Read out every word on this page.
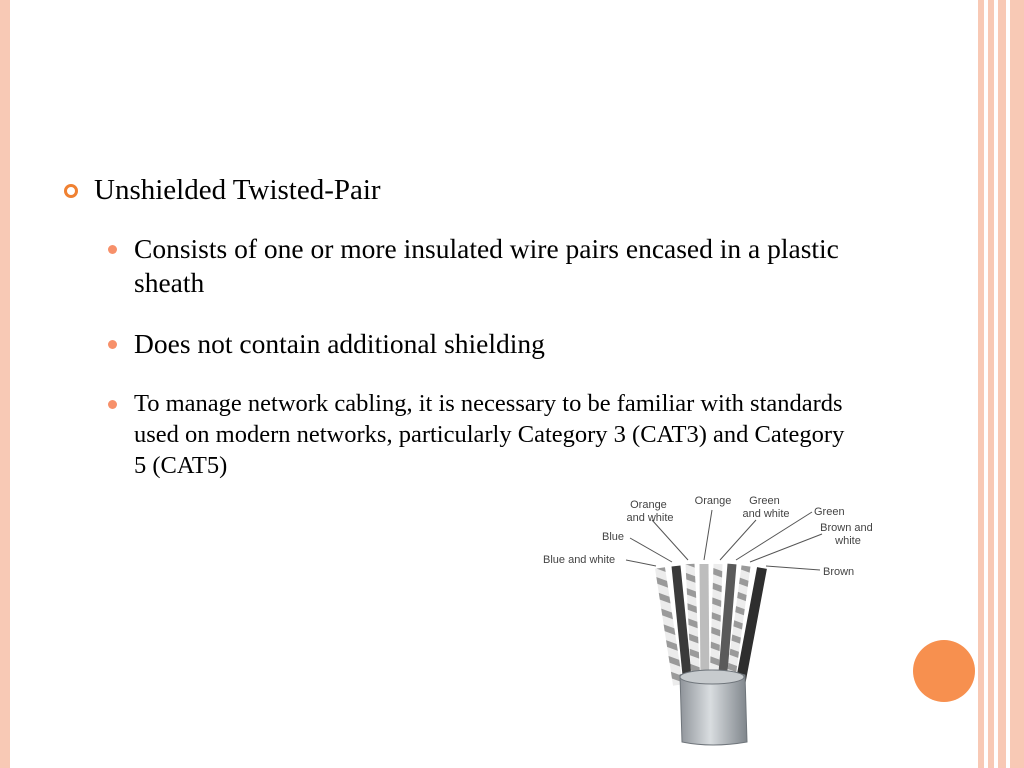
Unshielded Twisted-Pair
Consists of one or more insulated wire pairs encased in a plastic sheath
Does not contain additional shielding
To manage network cabling, it is necessary to be familiar with standards used on modern networks, particularly Category 3 (CAT3) and Category 5 (CAT5)
Orange and white
Orange	Green and white Green
Brown and white
Brown
Blue
Blue and white
